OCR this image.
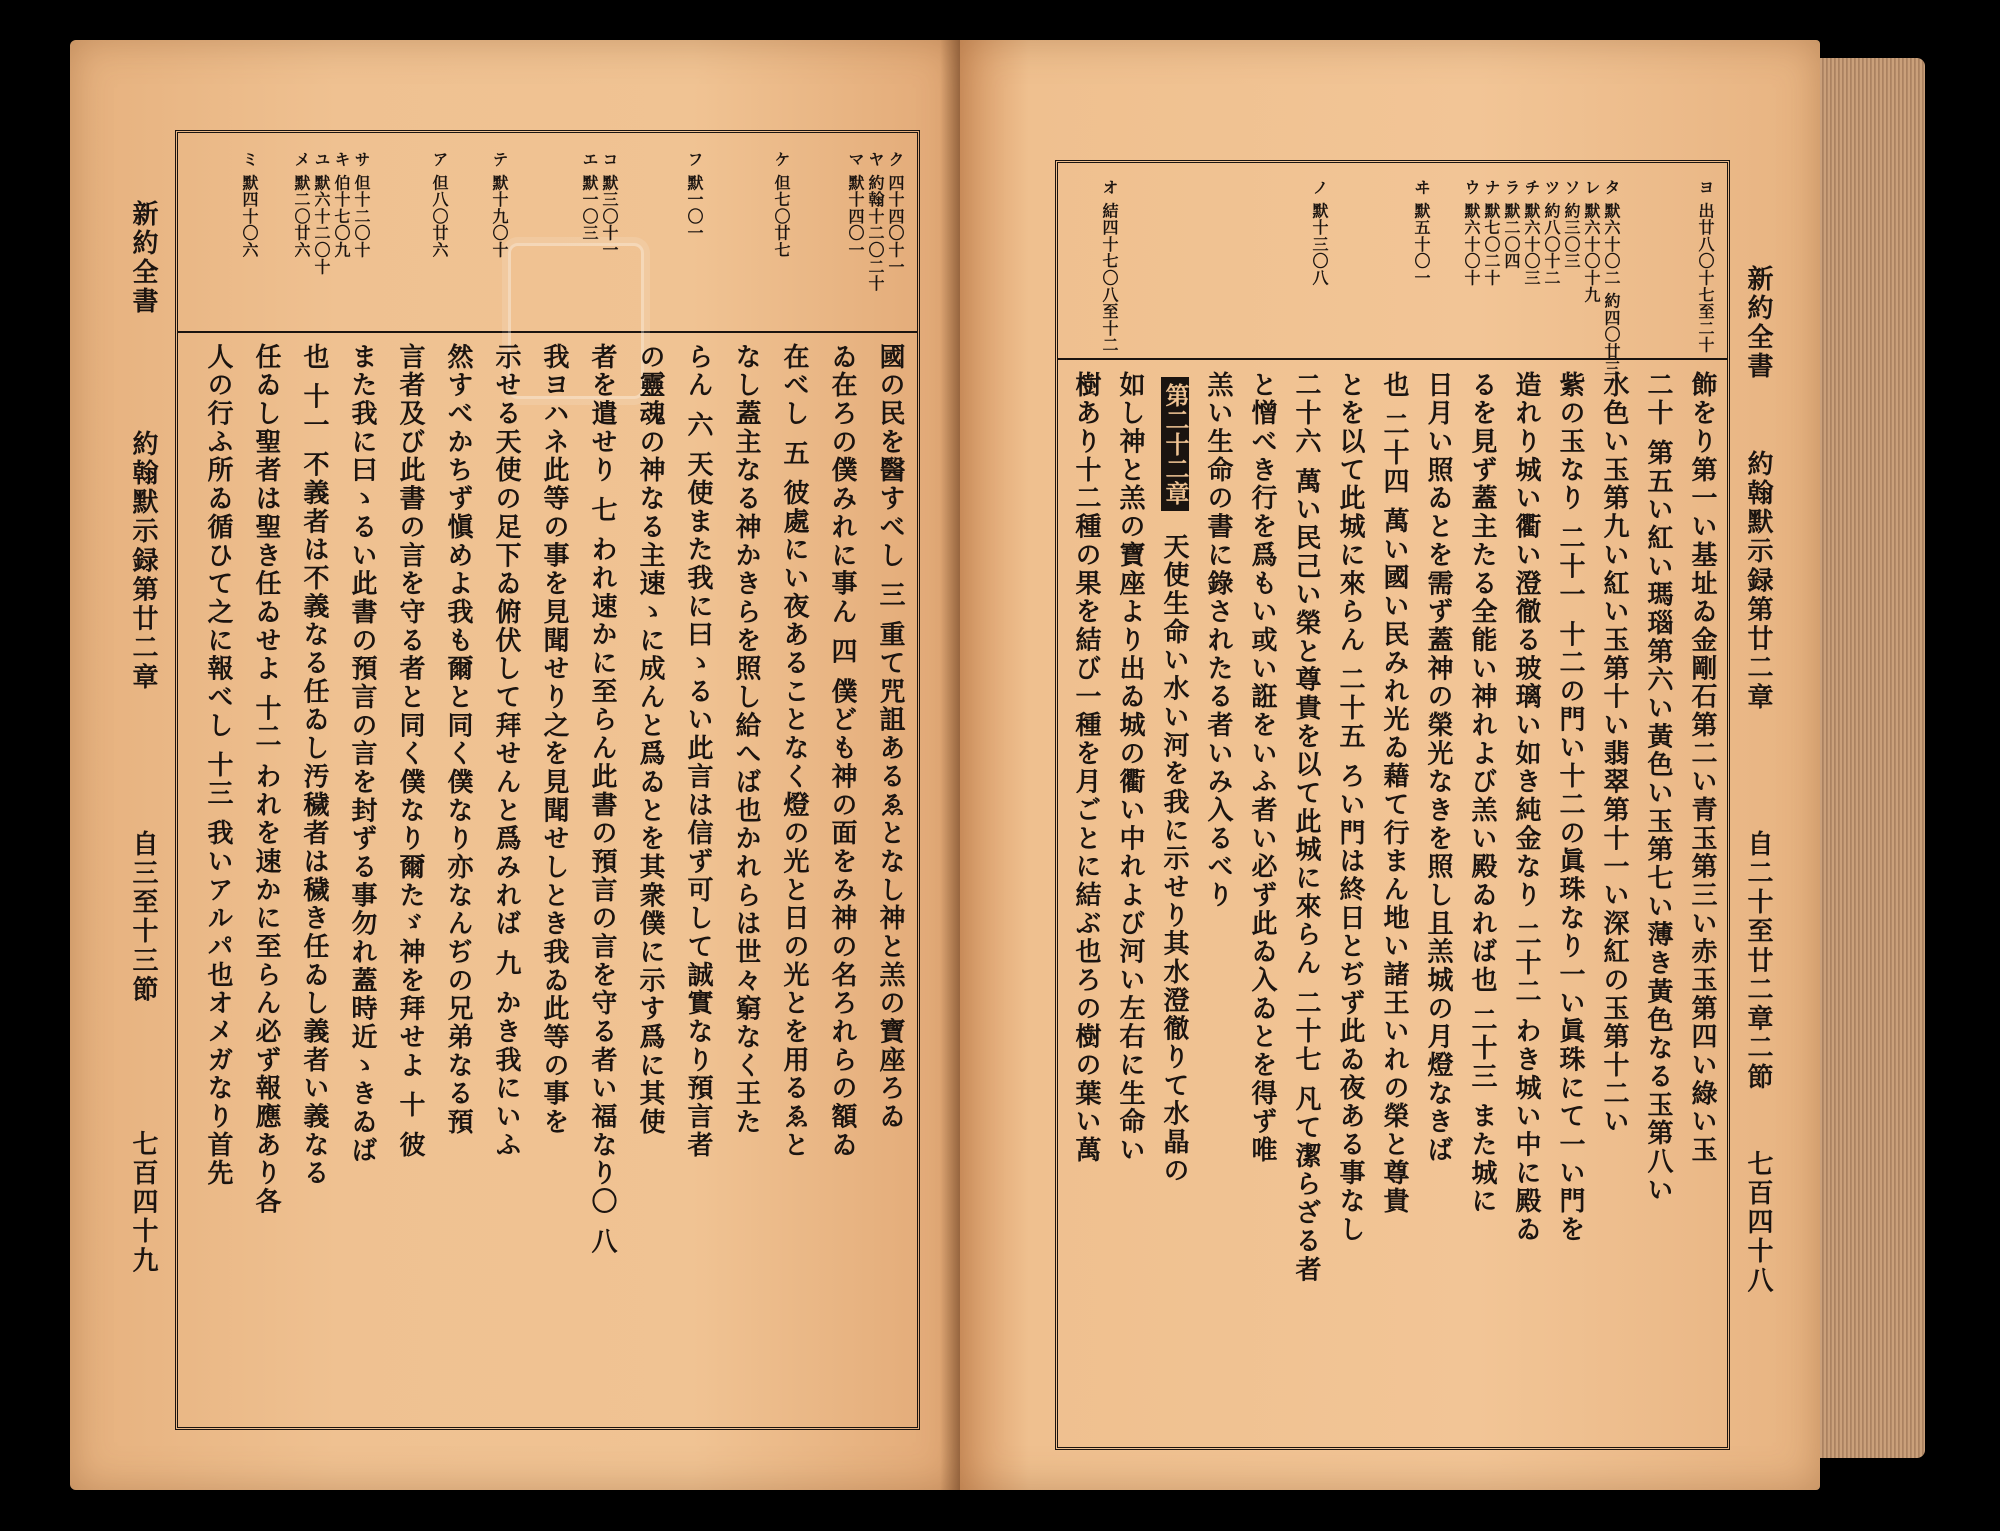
ク 四十四〇十一
ヤ 約翰十二〇二十
マ 默十四〇一
ケ 但七〇廿七
フ 默一〇一
コ 默三〇十一
エ 默一〇三
テ 默十九〇十
ア 但八〇廿六
サ 但十二〇十
キ 伯十七〇九
ユ 默六十二〇十
メ 默二〇廿六
ミ 默四十〇六
國の民を醫すべし 三 重て咒詛あるゑとなし神と羔の寶座ろゐ
ゐ在ろの僕みれに事ん 四 僕ども神の面をみ神の名ろれらの額ゐ
在べし 五 彼處にい夜あることなく燈の光と日の光とを用るゑと
なし蓋主なる神かきらを照し給へば也かれらは世々窮なく王た
らん 六 天使また我に曰ゝるい此言は信ず可して誠實なり預言者
の靈魂の神なる主速ゝに成んと爲ゐとを其衆僕に示す爲に其使
者を遣せり 七 われ速かに至らん此書の預言の言を守る者い福なり〇 八
我ヨハネ此等の事を見聞せり之を見聞せしとき我ゐ此等の事を
示せる天使の足下ゐ俯伏して拜せんと爲みれば 九 かき我にいふ
然すべかちず愼めよ我も爾と同く僕なり亦なんぢの兄弟なる預
言者及び此書の言を守る者と同く僕なり爾たゞ神を拜せよ 十 彼
また我に曰ゝるい此書の預言の言を封ずる事勿れ蓋時近ゝきゐば
也 十一 不義者は不義なる任ゐし汚穢者は穢き任ゐし義者い義なる
任ゐし聖者は聖き任ゐせよ 十二 われを速かに至らん必ず報應あり各
人の行ふ所ゐ循ひて之に報べし 十三 我いアルパ也オメガなり首先
新約全書
約翰默示録第廿二章
自三至十三節
七百四十九
ヨ 出廿八〇十七至二十
タ 默六十〇二 約四〇廿三
レ 默六十〇十九
ソ 約三〇三
ツ 約八〇十二
チ 默六十〇三
ラ 默二〇四
ナ 默七〇二十
ウ 默六十〇十
ヰ 默五十〇一
ノ 默十三〇八
オ 結四十七〇八至十二
飾をり第一い基址ゐ金剛石第二い青玉第三い赤玉第四い綠い玉
二十 第五い紅い瑪瑙第六い黃色い玉第七い薄き黃色なる玉第八い
水色い玉第九い紅い玉第十い翡翠第十一い深紅の玉第十二い
紫の玉なり 二十一 十二の門い十二の眞珠なり一い眞珠にて一い門を
造れり城い衢い澄徹る玻璃い如き純金なり 二十二 わき城い中に殿ゐ
るを見ず蓋主たる全能い神れよび羔い殿ゐれば也 二十三 また城に
日月い照ゐとを需ず蓋神の榮光なきを照し且羔城の月燈なきば
也 二十四 萬い國い民みれ光ゐ藉て行まん地い諸王いれの榮と尊貴
とを以て此城に來らん 二十五 ろい門は終日とぢず此ゐ夜ある事なし
二十六 萬い民己い榮と尊貴を以て此城に來らん 二十七 凡て潔らざる者
と憎べき行を爲もい或い誑をいふ者い必ず此ゐ入ゐとを得ず唯
羔い生命の書に錄されたる者いみ入るべり
第二十二章
天使生命い水い河を我に示せり其水澄徹りて水晶の
如し神と羔の寶座より出ゐ城の衢い中れよび河い左右に生命い
樹あり十二種の果を結び一種を月ごとに結ぶ也ろの樹の葉い萬
新約全書
約翰默示録第廿二章
自二十至廿二章二節
七百四十八
